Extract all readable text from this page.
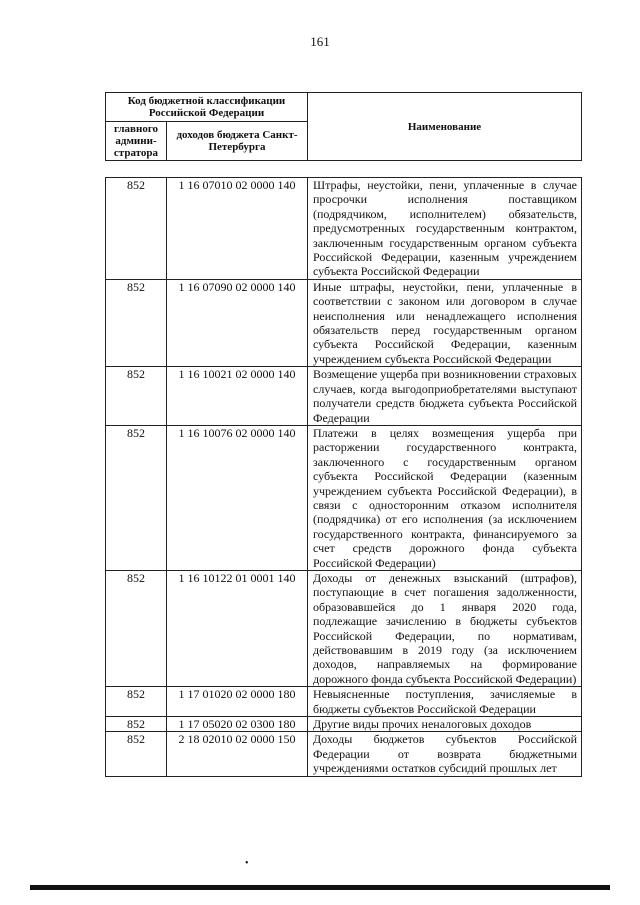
161
Код бюджетной классификации Российской Федерации		Наименование
главного админи-стратора	доходов бюджета Санкт-Петербурга	
852	1 16 07010 02 0000 140	Штрафы, неустойки, пени, уплаченные в случае просрочки исполнения поставщиком (подрядчиком, исполнителем) обязательств, предусмотренных государственным контрактом, заключенным государственным органом субъекта Российской Федерации, казенным учреждением субъекта Российской Федерации
852	1 16 07090 02 0000 140	Иные штрафы, неустойки, пени, уплаченные в соответствии с законом или договором в случае неисполнения или ненадлежащего исполнения обязательств перед государственным органом субъекта Российской Федерации, казенным учреждением субъекта Российской Федерации
852	1 16 10021 02 0000 140	Возмещение ущерба при возникновении страховых случаев, когда выгодоприобретателями выступают получатели средств бюджета субъекта Российской Федерации
852	1 16 10076 02 0000 140	Платежи в целях возмещения ущерба при расторжении государственного контракта, заключенного с государственным органом субъекта Российской Федерации (казенным учреждением субъекта Российской Федерации), в связи с односторонним отказом исполнителя (подрядчика) от его исполнения (за исключением государственного контракта, финансируемого за счет средств дорожного фонда субъекта Российской Федерации)
852	1 16 10122 01 0001 140	Доходы от денежных взысканий (штрафов), поступающие в счет погашения задолженности, образовавшейся до 1 января 2020 года, подлежащие зачислению в бюджеты субъектов Российской Федерации, по нормативам, действовавшим в 2019 году (за исключением доходов, направляемых на формирование дорожного фонда субъекта Российской Федерации)
852	1 17 01020 02 0000 180	Невыясненные поступления, зачисляемые в бюджеты субъектов Российской Федерации
852	1 17 05020 02 0300 180	Другие виды прочих неналоговых доходов
852	2 18 02010 02 0000 150	Доходы бюджетов субъектов Российской Федерации от возврата бюджетными учреждениями остатков субсидий прошлых лет
•
